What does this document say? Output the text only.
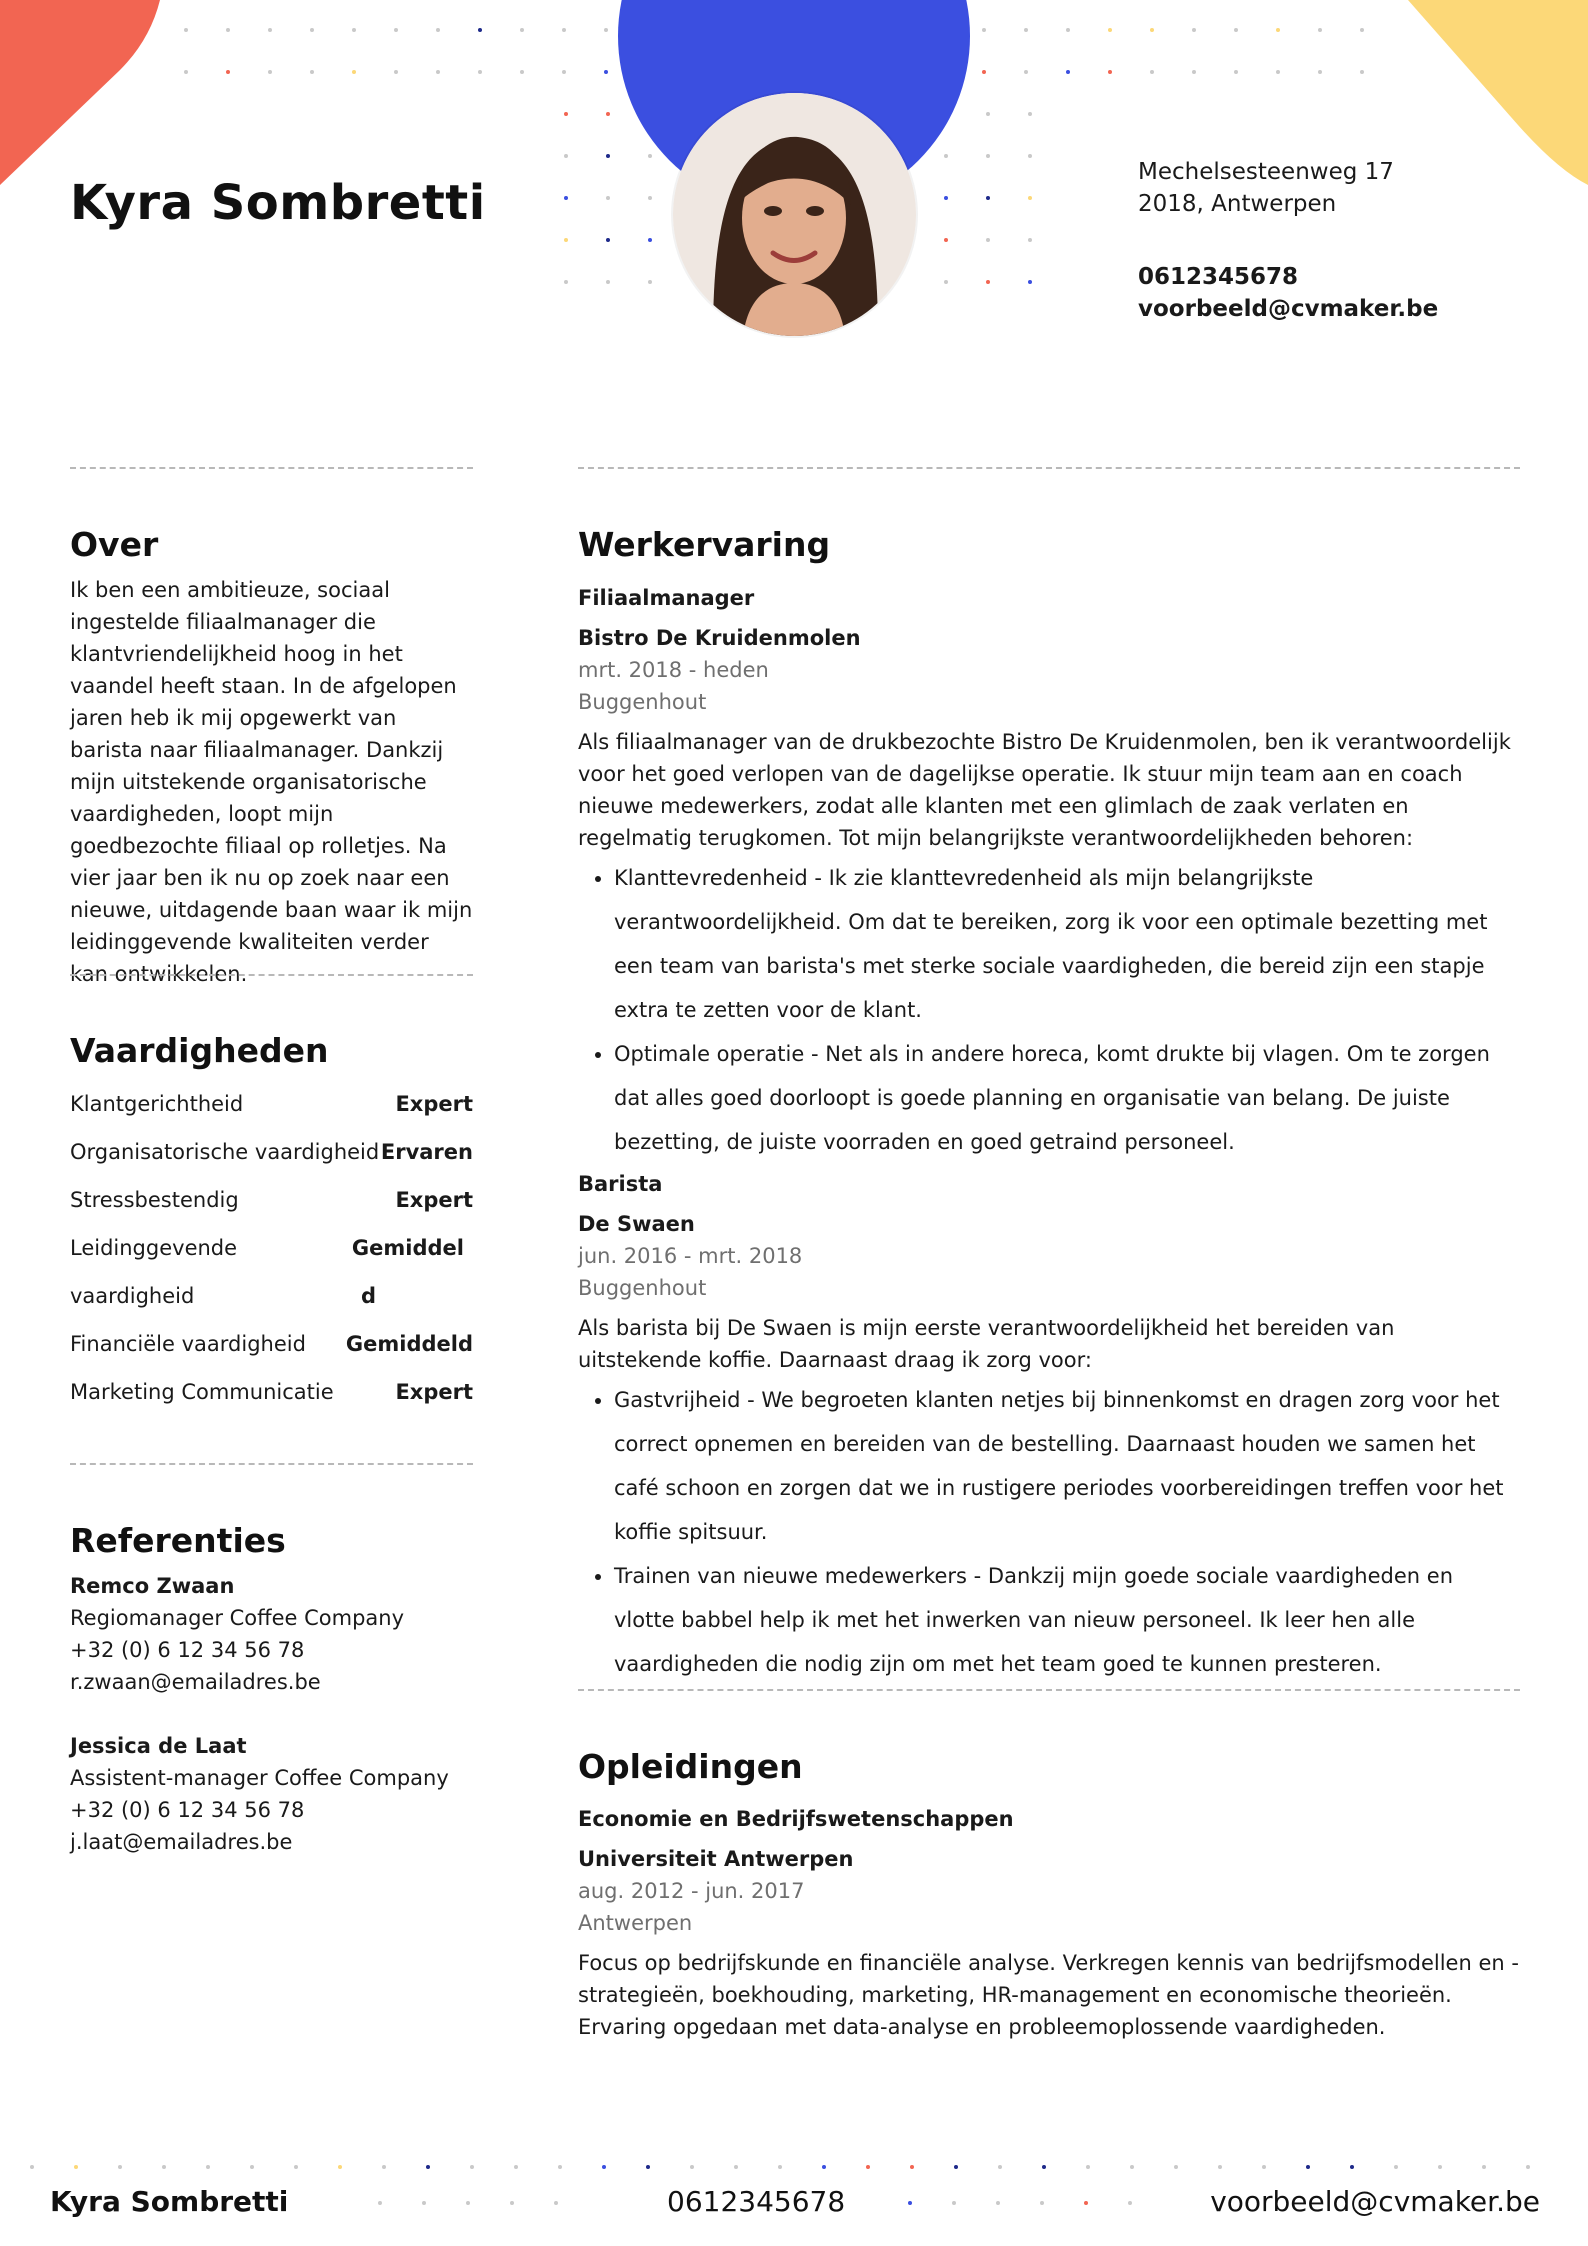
Kyra Sombretti
Mechelsesteenweg 17
2018, Antwerpen
0612345678
voorbeeld@cvmaker.be
Over
Ik ben een ambitieuze, sociaal ingestelde filiaalmanager die klantvriendelijkheid hoog in het vaandel heeft staan. In de afgelopen jaren heb ik mij opgewerkt van barista naar filiaalmanager. Dankzij mijn uitstekende organisatorische vaardigheden, loopt mijn goedbezochte filiaal op rolletjes. Na vier jaar ben ik nu op zoek naar een nieuwe, uitdagende baan waar ik mijn leidinggevende kwaliteiten verder kan ontwikkelen.
Vaardigheden
Klantgerichtheid	Expert
Organisatorische vaardigheid Ervaren
Stressbestendig	Expert
Leidinggevende	Gemiddel
vaardigheid	d
Financiële vaardigheid Gemiddeld
Marketing Communicatie	Expert
Referenties
Remco Zwaan
Regiomanager Coffee Company
+32 (0) 6 12 34 56 78
r.zwaan@emailadres.be
Jessica de Laat
Assistent-manager Coffee Company
+32 (0) 6 12 34 56 78
j.laat@emailadres.be
Werkervaring
Filiaalmanager
Bistro De Kruidenmolen
mrt. 2018 - heden
Buggenhout
Als filiaalmanager van de drukbezochte Bistro De Kruidenmolen, ben ik verantwoordelijk voor het goed verlopen van de dagelijkse operatie. Ik stuur mijn team aan en coach nieuwe medewerkers, zodat alle klanten met een glimlach de zaak verlaten en regelmatig terugkomen. Tot mijn belangrijkste verantwoordelijkheden behoren:
• Klanttevredenheid - Ik zie klanttevredenheid als mijn belangrijkste verantwoordelijkheid. Om dat te bereiken, zorg ik voor een optimale bezetting met een team van barista's met sterke sociale vaardigheden, die bereid zijn een stapje extra te zetten voor de klant.
• Optimale operatie - Net als in andere horeca, komt drukte bij vlagen. Om te zorgen dat alles goed doorloopt is goede planning en organisatie van belang. De juiste bezetting, de juiste voorraden en goed getraind personeel.
Barista
De Swaen
jun. 2016 - mrt. 2018
Buggenhout
Als barista bij De Swaen is mijn eerste verantwoordelijkheid het bereiden van uitstekende koffie. Daarnaast draag ik zorg voor:
• Gastvrijheid - We begroeten klanten netjes bij binnenkomst en dragen zorg voor het correct opnemen en bereiden van de bestelling. Daarnaast houden we samen het café schoon en zorgen dat we in rustigere periodes voorbereidingen treffen voor het koffie spitsuur.
• Trainen van nieuwe medewerkers - Dankzij mijn goede sociale vaardigheden en vlotte babbel help ik met het inwerken van nieuw personeel. Ik leer hen alle vaardigheden die nodig zijn om met het team goed te kunnen presteren.
Opleidingen
Economie en Bedrijfswetenschappen
Universiteit Antwerpen
aug. 2012 - jun. 2017
Antwerpen
Focus op bedrijfskunde en financiële analyse. Verkregen kennis van bedrijfsmodellen en -strategieën, boekhouding, marketing, HR-management en economische theorieën. Ervaring opgedaan met data-analyse en probleemoplossende vaardigheden.
Kyra Sombretti	0612345678	voorbeeld@cvmaker.be
